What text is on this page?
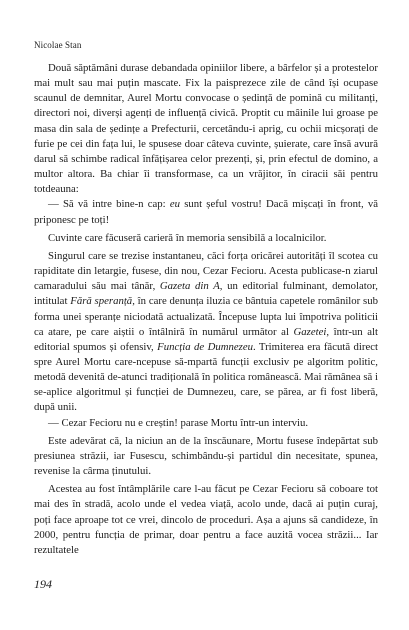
Nicolae Stan

Două săptămâni durase debandada opiniilor libere, a bârfelor și a protestelor mai mult sau mai puțin mascate. Fix la paisprezece zile de când își ocupase scaunul de demnitar, Aurel Mortu convocase o ședință de pomină cu militanți, directori noi, diverși agenți de influență civică. Proptit cu mâinile lui groase pe masa din sala de ședințe a Prefecturii, cercetându-i aprig, cu ochii micșorați de furie pe cei din fața lui, le spusese doar câteva cuvinte, șuierate, care însă avură darul să schimbe radical înfățișarea celor prezenți, și, prin efectul de domino, a multor altora. Ba chiar îi transformase, ca un vrăjitor, în ciracii săi pentru totdeauna:

— Să vă intre bine-n cap: eu sunt șeful vostru! Dacă mișcați în front, vă priponesc pe toți!

Cuvinte care făcuseră carieră în memoria sensibilă a localnicilor.

Singurul care se trezise instantaneu, căci forța oricărei autorități îl scotea cu rapiditate din letargie, fusese, din nou, Cezar Fecioru. Acesta publicase-n ziarul camaradului său mai tânăr, Gazeta din A, un editorial fulminant, demolator, intitulat Fără speranță, în care denunța iluzia ce bântuia capetele românilor sub forma unei speranțe niciodată actualizată. Începuse lupta lui împotriva politicii ca atare, pe care aiștii o întâlniră în numărul următor al Gazetei, într-un alt editorial spumos și ofensiv, Funcția de Dumnezeu. Trimiterea era făcută direct spre Aurel Mortu care-ncepuse să-mpartă funcții exclusiv pe algoritm politic, metodă devenită de-atunci tradițională în politica românească. Mai rămânea să i se-aplice algoritmul și funcției de Dumnezeu, care, se părea, ar fi fost liberă, după unii.

— Cezar Fecioru nu e creștin! parase Mortu într-un interviu.

Este adevărat că, la niciun an de la înscăunare, Mortu fusese îndepărtat sub presiunea străzii, iar Fusescu, schimbându-și partidul din necesitate, spunea, revenise la cârma ținutului.

Acestea au fost întâmplările care l-au făcut pe Cezar Fecioru să coboare tot mai des în stradă, acolo unde el vedea viață, acolo unde, dacă ai puțin curaj, poți face aproape tot ce vrei, dincolo de proceduri. Așa a ajuns să candideze, în 2000, pentru funcția de primar, doar pentru a face auzită vocea străzii... Iar rezultatele

194
